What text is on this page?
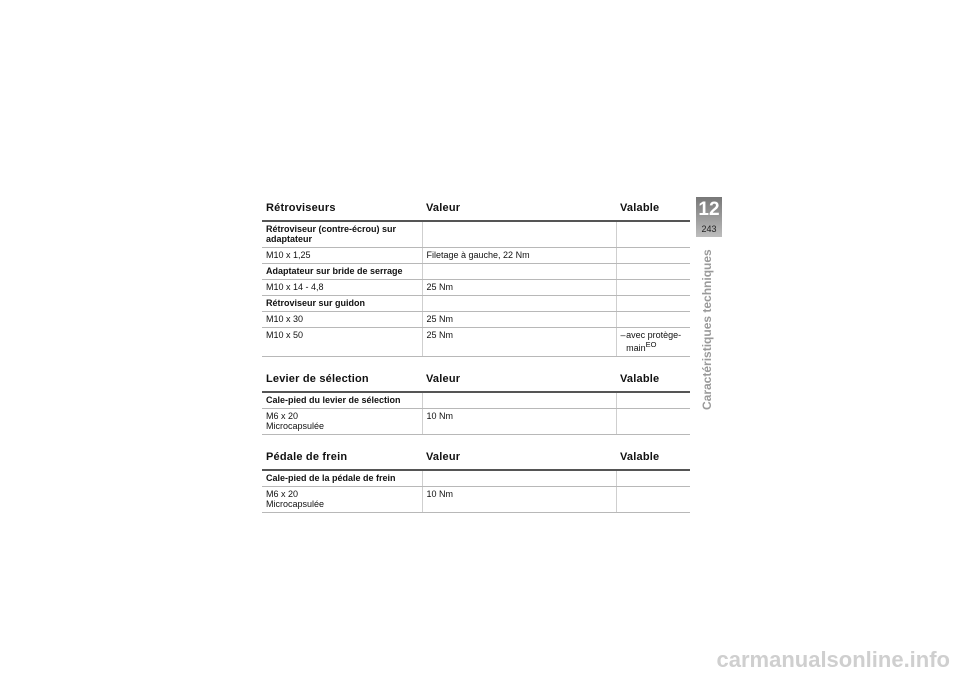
Rétroviseurs	Valeur	Valable
Rétroviseur (contre-écrou) sur adaptateur		
M10 x 1,25	Filetage à gauche, 22 Nm	
Adaptateur sur bride de serrage		
M10 x 14 - 4,8	25 Nm	
Rétroviseur sur guidon		
M10 x 30	25 Nm	
M10 x 50	25 Nm	– avec protège-main$^{EO}$
Levier de sélection	Valeur	Valable
Cale-pied du levier de sélection		

M6 x 20
Microcapsulée	10 Nm	
Pédale de frein	Valeur	Valable
Cale-pied de la pédale de frein		

M6 x 20
Microcapsulée	10 Nm	
12
243
Caractéristiques techniques
carmanualsonline.info
